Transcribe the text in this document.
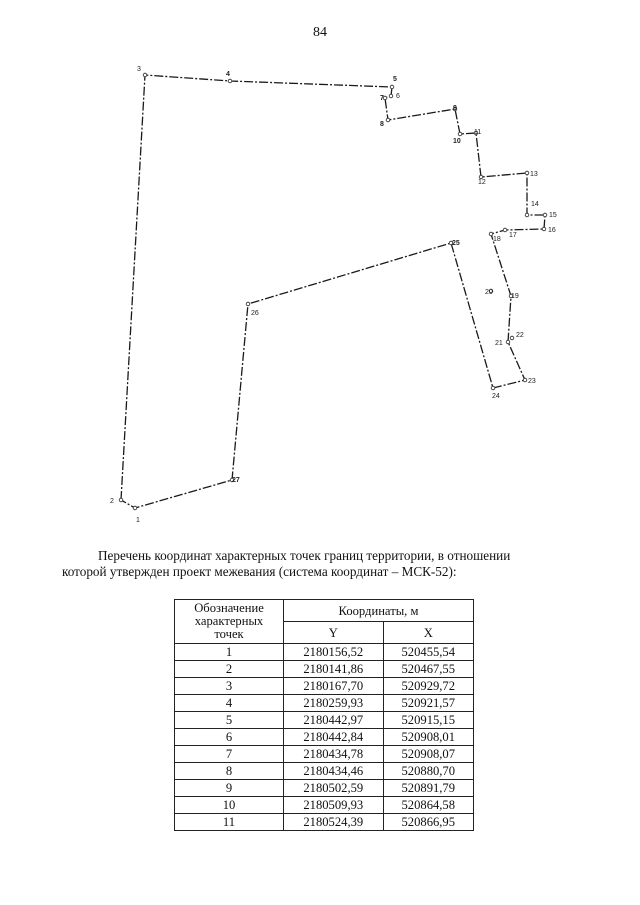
84
1
2
3
4
5
6
7
8
9
10
11
12
13
14
15
16
17
18
19
20
21
22
23
24
25
26
27
Перечень координат характерных точек границ территории, в отношении
которой утвержден проект межевания (система координат – МСК-52):
Обозначение характерных точек	Координаты, м	
	Y	X
1	2180156,52	520455,54
2	2180141,86	520467,55
3	2180167,70	520929,72
4	2180259,93	520921,57
5	2180442,97	520915,15
6	2180442,84	520908,01
7	2180434,78	520908,07
8	2180434,46	520880,70
9	2180502,59	520891,79
10	2180509,93	520864,58
11	2180524,39	520866,95
